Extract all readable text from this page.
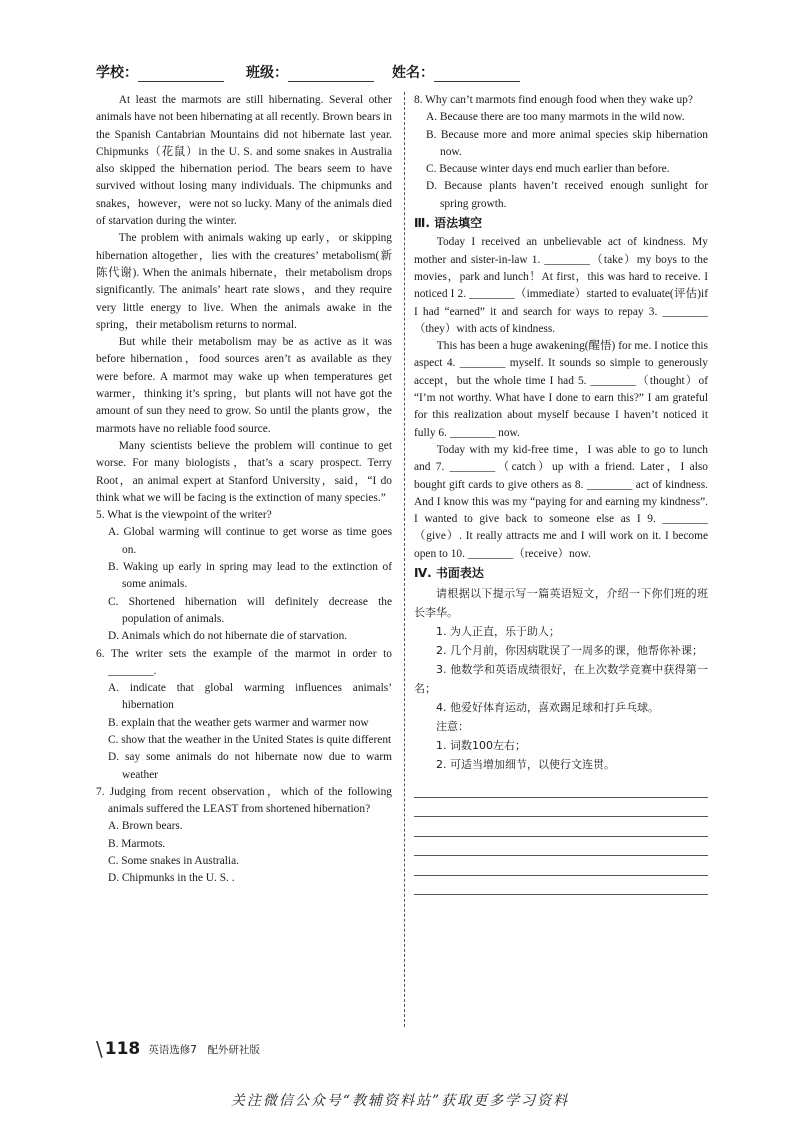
学校：	班级：	姓名：

At least the marmots are still hibernating. Several other animals have not been hibernating at all recently. Brown bears in the Spanish Cantabrian Mountains did not hibernate last year. Chipmunks（花鼠）in the U. S. and some snakes in Australia also skipped the hibernation period. The bears seem to have survived without losing many individuals. The chipmunks and snakes，however，were not so lucky. Many of the animals died of starvation during the winter.

The problem with animals waking up early，or skipping hibernation altogether，lies with the creatures’ metabolism(新陈代谢). When the animals hibernate，their metabolism drops significantly. The animals’ heart rate slows，and they require very little energy to live. When the animals awake in the spring，their metabolism returns to normal.

But while their metabolism may be as active as it was before hibernation，food sources aren’t as available as they were before. A marmot may wake up when temperatures get warmer，thinking it’s spring，but plants will not have got the amount of sun they need to grow. So until the plants grow，the marmots have no reliable food source.

Many scientists believe the problem will continue to get worse. For many biologists，that’s a scary prospect. Terry Root，an animal expert at Stanford University，said，“I do think what we will be facing is the extinction of many species.”

5. What is the viewpoint of the writer?

A. Global warming will continue to get worse as time goes on.

B. Waking up early in spring may lead to the extinction of some animals.

C. Shortened hibernation will definitely decrease the population of animals.

D. Animals which do not hibernate die of starvation.

6. The writer sets the example of the marmot in order to ________.

A. indicate that global warming influences animals’ hibernation

B. explain that the weather gets warmer and warmer now

C. show that the weather in the United States is quite different

D. say some animals do not hibernate now due to warm weather

7. Judging from recent observation，which of the following animals suffered the LEAST from shortened hibernation?

A. Brown bears.

B. Marmots.

C. Some snakes in Australia.

D. Chipmunks in the U. S. .

8. Why can’t marmots find enough food when they wake up?

A. Because there are too many marmots in the wild now.

B. Because more and more animal species skip hibernation now.

C. Because winter days end much earlier than before.

D. Because plants haven’t received enough sunlight for spring growth.

Ⅲ. 语法填空

Today I received an unbelievable act of kindness. My mother and sister-in-law 1. ________（take）my boys to the movies，park and lunch！At first，this was hard to receive. I noticed I 2. ________（immediate）started to evaluate(评估)if I had “earned” it and search for ways to repay 3. ________（they）with acts of kindness.

This has been a huge awakening(醒悟) for me. I notice this aspect 4. ________ myself. It sounds so simple to generously accept，but the whole time I had 5. ________（thought）of “I’m not worthy. What have I done to earn this?” I am grateful for this realization about myself because I haven’t noticed it fully 6. ________ now.

Today with my kid-free time，I was able to go to lunch and 7. ________（catch）up with a friend. Later，I also bought gift cards to give others as 8. ________ act of kindness. And I know this was my “paying for and earning my kindness”. I wanted to give back to someone else as I 9. ________（give）. It really attracts me and I will work on it. I become open to 10. ________（receive）now.

Ⅳ. 书面表达

请根据以下提示写一篇英语短文，介绍一下你们班的班长李华。

1. 为人正直，乐于助人；

2. 几个月前，你因病耽误了一周多的课，他帮你补课；

3. 他数学和英语成绩很好，在上次数学竞赛中获得第一名；

4. 他爱好体育运动，喜欢踢足球和打乒乓球。

注意：

1. 词数100左右；

2. 可适当增加细节，以使行文连贯。

\ 118 英语选修7　配外研社版
关注微信公众号“教辅资料站”获取更多学习资料
